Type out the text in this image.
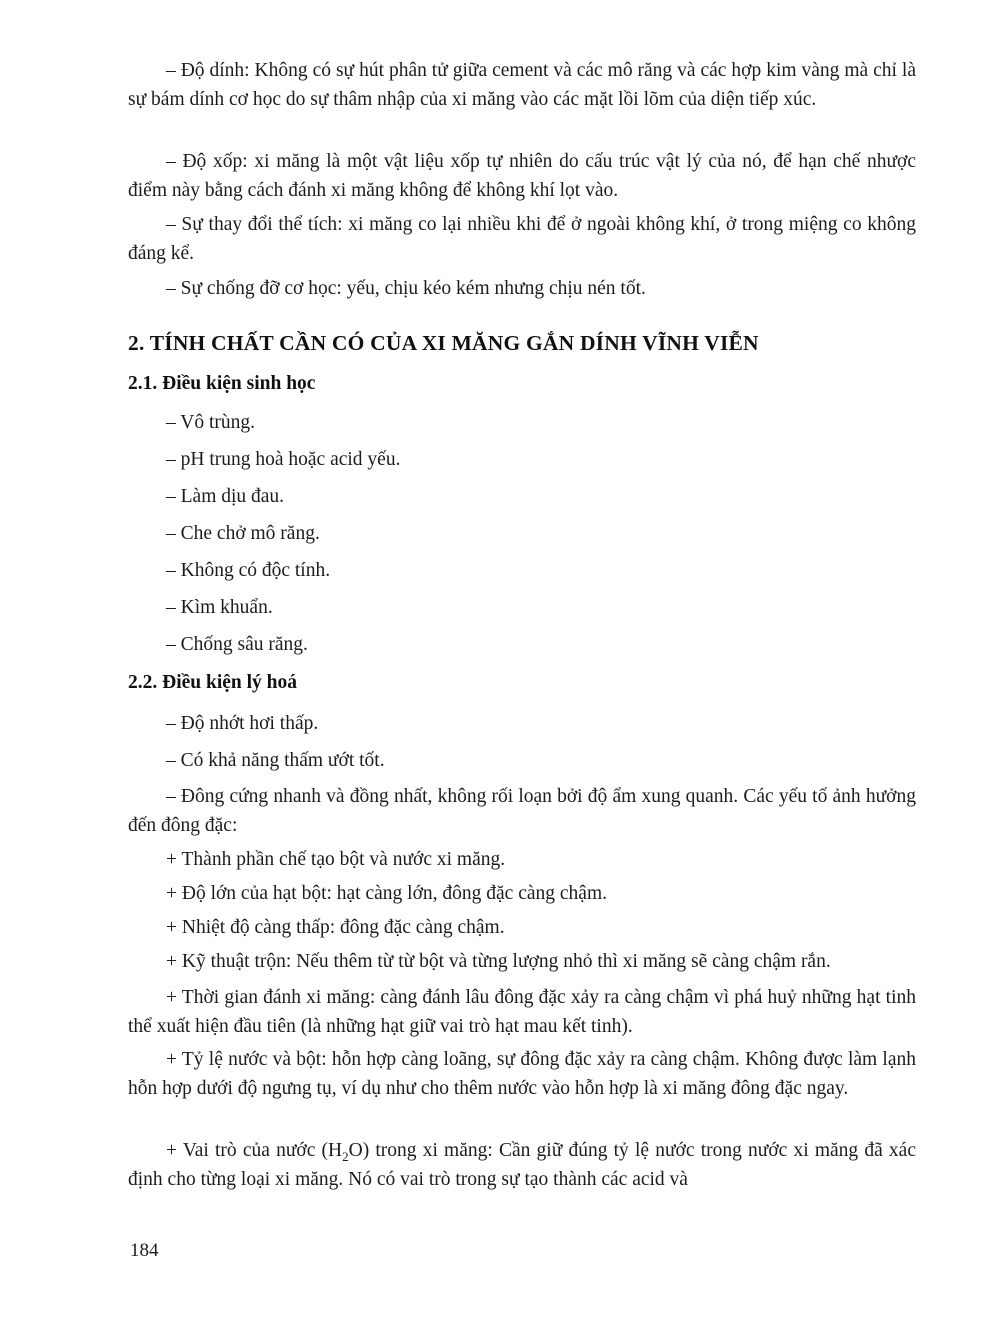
– Độ dính: Không có sự hút phân tử giữa cement và các mô răng và các hợp kim vàng mà chỉ là sự bám dính cơ học do sự thâm nhập của xi măng vào các mặt lồi lõm của diện tiếp xúc.

– Độ xốp: xi măng là một vật liệu xốp tự nhiên do cấu trúc vật lý của nó, để hạn chế nhược điểm này bằng cách đánh xi măng không để không khí lọt vào.

– Sự thay đổi thể tích: xi măng co lại nhiều khi để ở ngoài không khí, ở trong miệng co không đáng kể.

– Sự chống đỡ cơ học: yếu, chịu kéo kém nhưng chịu nén tốt.

2. TÍNH CHẤT CẦN CÓ CỦA XI MĂNG GẮN DÍNH VĨNH VIỄN
2.1. Điều kiện sinh học

– Vô trùng.

– pH trung hoà hoặc acid yếu.

– Làm dịu đau.

– Che chở mô răng.

– Không có độc tính.

– Kìm khuẩn.

– Chống sâu răng.

2.2. Điều kiện lý hoá

– Độ nhớt hơi thấp.

– Có khả năng thấm ướt tốt.

– Đông cứng nhanh và đồng nhất, không rối loạn bởi độ ẩm xung quanh. Các yếu tố ảnh hưởng đến đông đặc:

+ Thành phần chế tạo bột và nước xi măng.

+ Độ lớn của hạt bột: hạt càng lớn, đông đặc càng chậm.

+ Nhiệt độ càng thấp: đông đặc càng chậm.

+ Kỹ thuật trộn: Nếu thêm từ từ bột và từng lượng nhỏ thì xi măng sẽ càng chậm rắn.

+ Thời gian đánh xi măng: càng đánh lâu đông đặc xảy ra càng chậm vì phá huỷ những hạt tinh thể xuất hiện đầu tiên (là những hạt giữ vai trò hạt mau kết tinh).

+ Tỷ lệ nước và bột: hỗn hợp càng loãng, sự đông đặc xảy ra càng chậm. Không được làm lạnh hỗn hợp dưới độ ngưng tụ, ví dụ như cho thêm nước vào hỗn hợp là xi măng đông đặc ngay.

+ Vai trò của nước $(H_2O)$ trong xi măng: Cần giữ đúng tỷ lệ nước trong nước xi măng đã xác định cho từng loại xi măng. Nó có vai trò trong sự tạo thành các acid và

184
